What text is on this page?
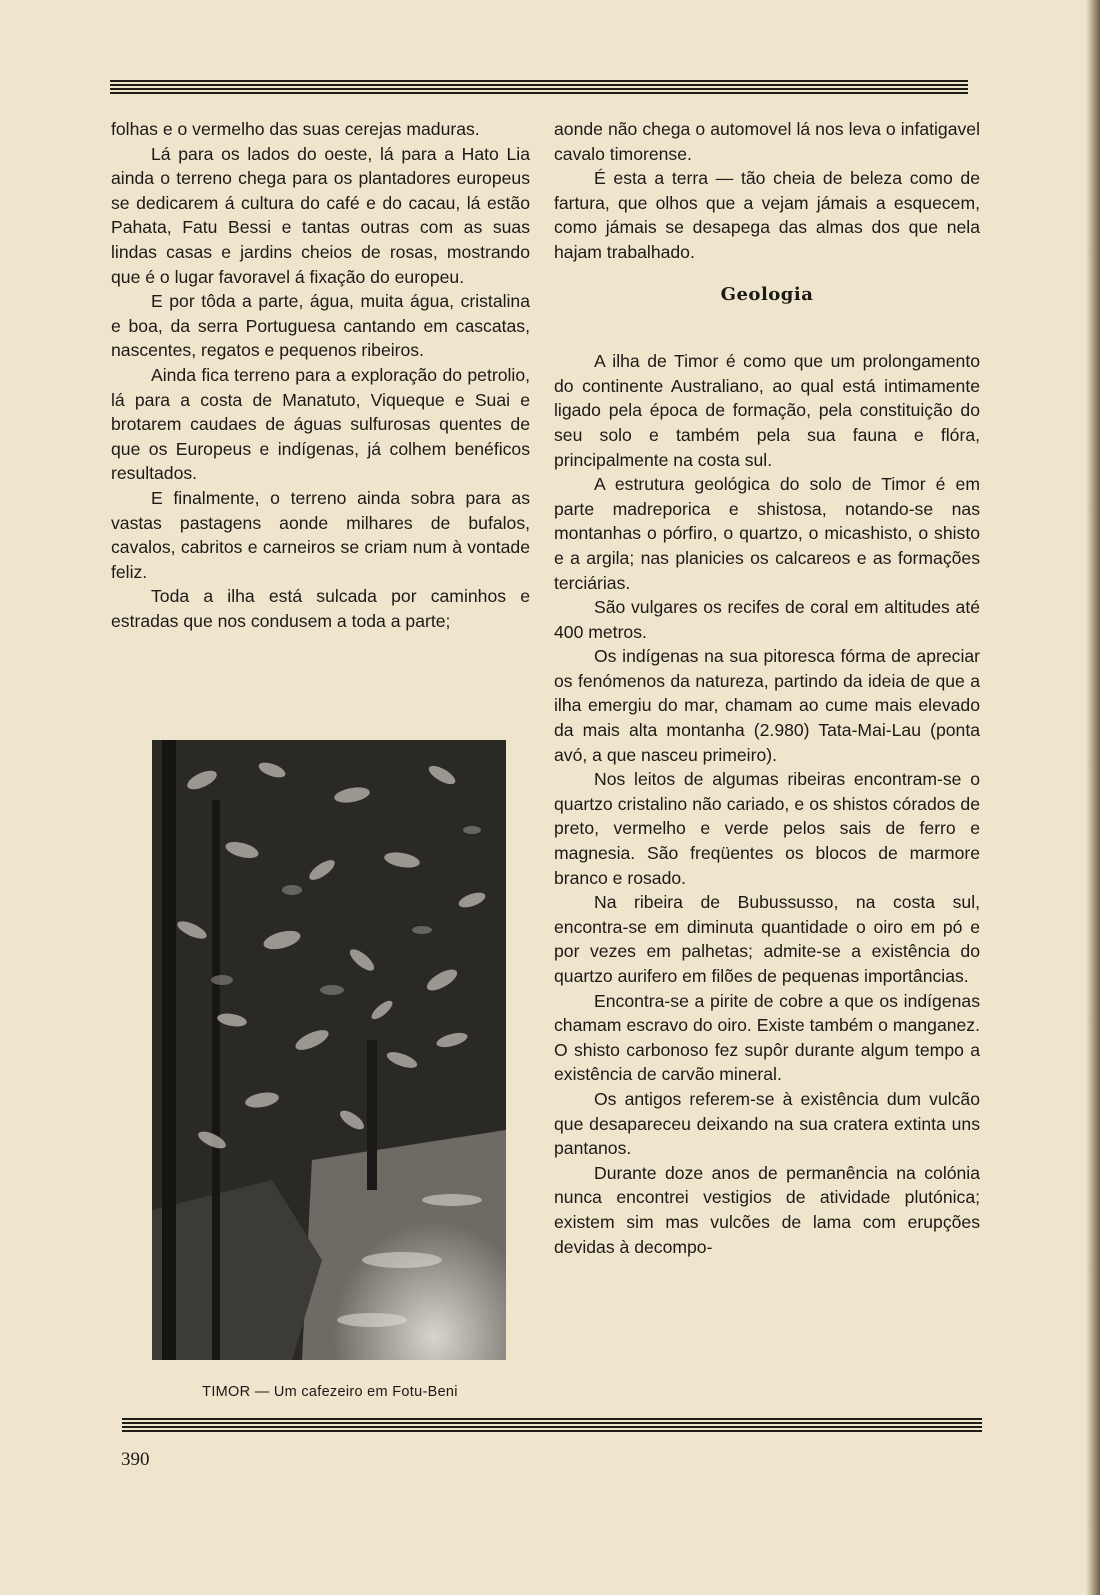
folhas e o vermelho das suas cerejas maduras.

Lá para os lados do oeste, lá para a Hato Lia ainda o terreno chega para os plantadores europeus se dedicarem á cultura do café e do cacau, lá estão Pahata, Fatu Bessi e tantas outras com as suas lindas casas e jardins cheios de rosas, mostrando que é o lugar favoravel á fixação do europeu.

E por tôda a parte, água, muita água, cristalina e boa, da serra Portuguesa cantando em cascatas, nascentes, regatos e pequenos ribeiros.

Ainda fica terreno para a exploração do petrolio, lá para a costa de Manatuto, Viqueque e Suai e brotarem caudaes de águas sulfurosas quentes de que os Europeus e indígenas, já colhem benéficos resultados.

E finalmente, o terreno ainda sobra para as vastas pastagens aonde milhares de bufalos, cavalos, cabritos e carneiros se criam num à vontade feliz.

Toda a ilha está sulcada por caminhos e estradas que nos condusem a toda a parte;

TIMOR — Um cafezeiro em Fotu-Beni

aonde não chega o automovel lá nos leva o infatigavel cavalo timorense.

É esta a terra — tão cheia de beleza como de fartura, que olhos que a vejam jámais a esquecem, como jámais se desapega das almas dos que nela hajam trabalhado.

Geologia

A ilha de Timor é como que um prolongamento do continente Australiano, ao qual está intimamente ligado pela época de formação, pela constituição do seu solo e também pela sua fauna e flóra, principalmente na costa sul.

A estrutura geológica do solo de Timor é em parte madreporica e shistosa, notando-se nas montanhas o pórfiro, o quartzo, o micashisto, o shisto e a argila; nas planicies os calcareos e as formações terciárias.

São vulgares os recifes de coral em altitudes até 400 metros.

Os indígenas na sua pitoresca fórma de apreciar os fenómenos da natureza, partindo da ideia de que a ilha emergiu do mar, chamam ao cume mais elevado da mais alta montanha (2.980) Tata-Mai-Lau (ponta avó, a que nasceu primeiro).

Nos leitos de algumas ribeiras encontram-se o quartzo cristalino não cariado, e os shistos córados de preto, vermelho e verde pelos sais de ferro e magnesia. São freqüentes os blocos de marmore branco e rosado.

Na ribeira de Bubussusso, na costa sul, encontra-se em diminuta quantidade o oiro em pó e por vezes em palhetas; admite-se a existência do quartzo aurifero em filões de pequenas importâncias.

Encontra-se a pirite de cobre a que os indígenas chamam escravo do oiro. Existe também o manganez. O shisto carbonoso fez supôr durante algum tempo a existência de carvão mineral.

Os antigos referem-se à existência dum vulcão que desapareceu deixando na sua cratera extinta uns pantanos.

Durante doze anos de permanência na colónia nunca encontrei vestigios de atividade plutónica; existem sim mas vulcões de lama com erupções devidas à decompo-

390
